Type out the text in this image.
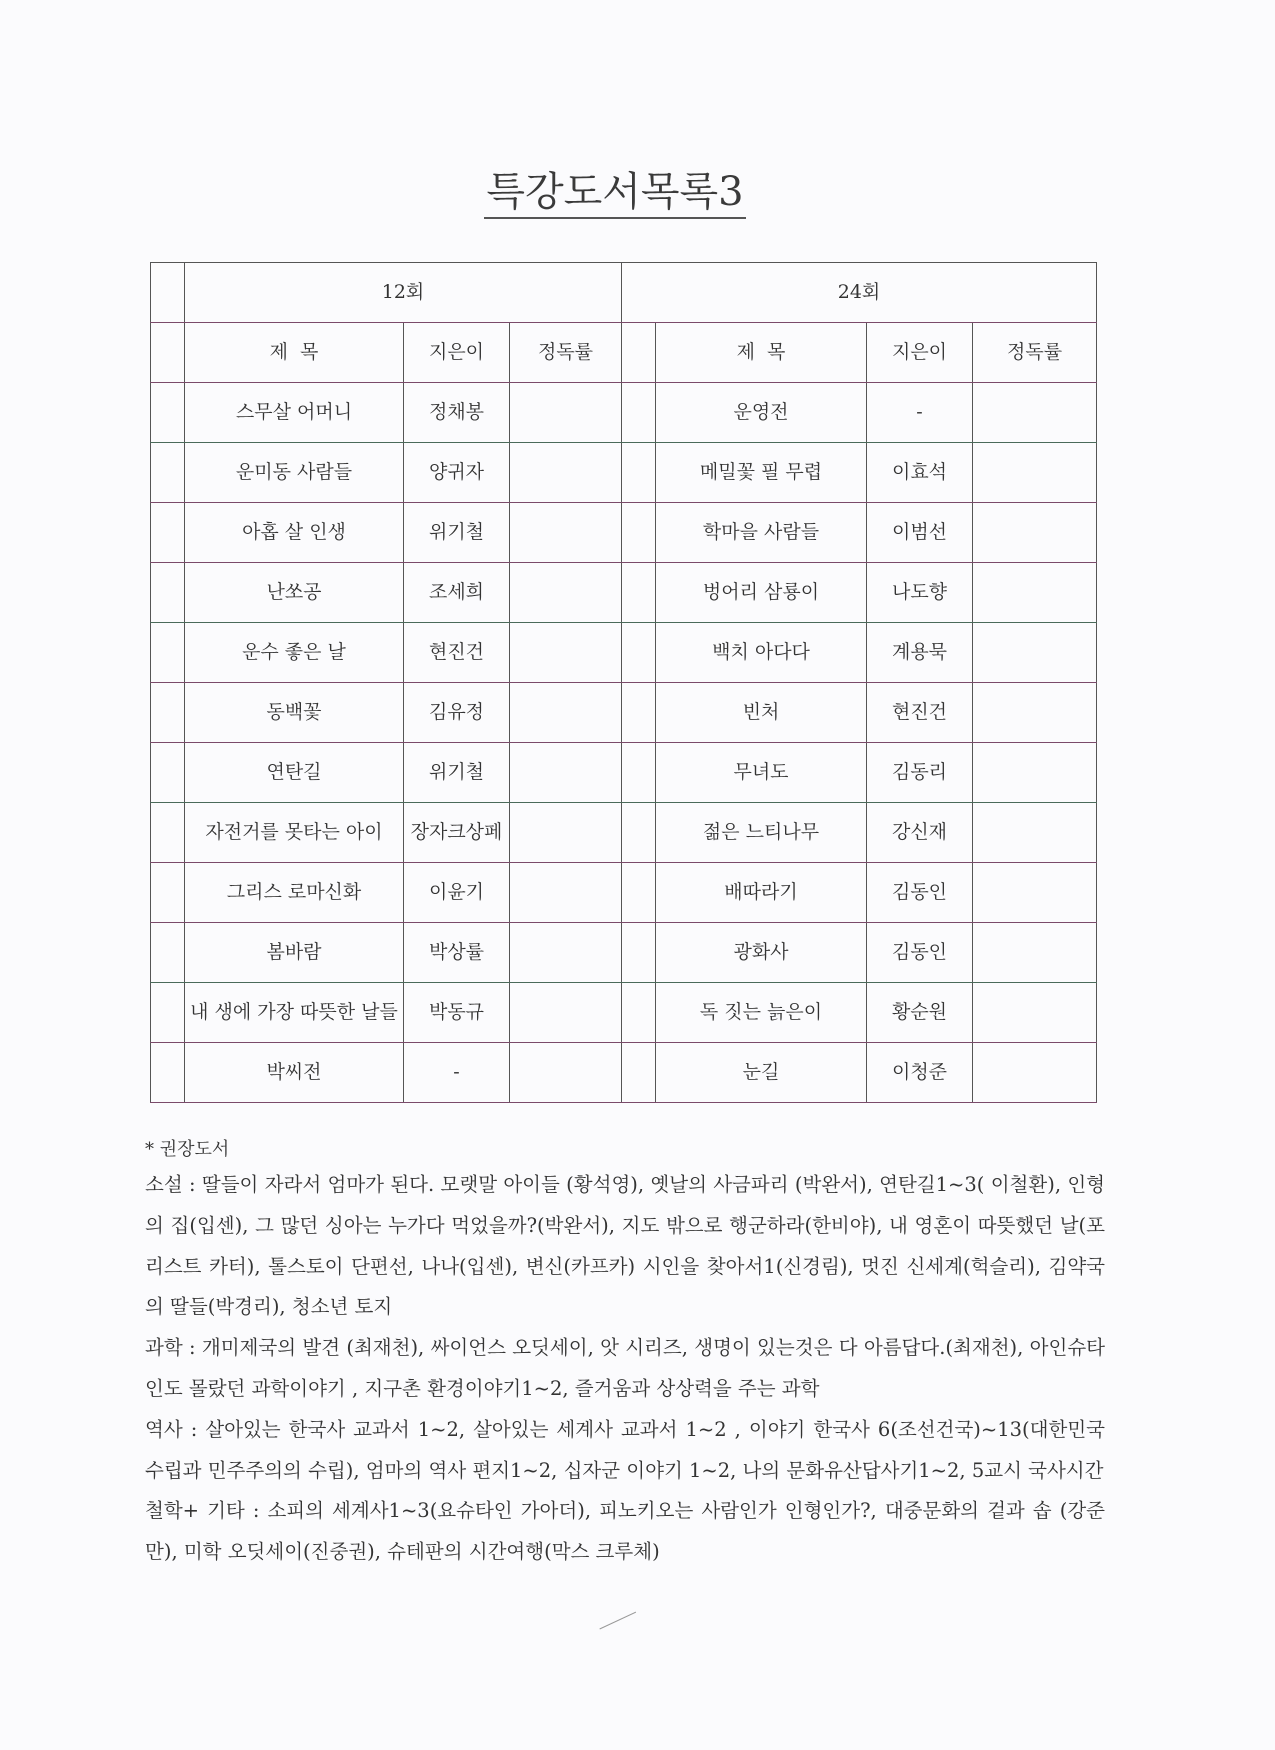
특강도서목록3
	12회			24회			
	제  목	지은이	정독률		제  목	지은이	정독률
	스무살 어머니	정채봉			운영전	-	
	운미동 사람들	양귀자			메밀꽃 필 무렵	이효석	
	아홉 살 인생	위기철			학마을 사람들	이범선	
	난쏘공	조세희			벙어리 삼룡이	나도향	
	운수 좋은 날	현진건			백치 아다다	계용묵	
	동백꽃	김유정			빈처	현진건	
	연탄길	위기철			무녀도	김동리	
	자전거를 못타는 아이	장자크상페			젊은 느티나무	강신재	
	그리스 로마신화	이윤기			배따라기	김동인	
	봄바람	박상률			광화사	김동인	
	내 생에 가장 따뜻한 날들	박동규			독 짓는 늙은이	황순원	
	박씨전	-			눈길	이청준	

* 권장도서

소설 : 딸들이 자라서 엄마가 된다. 모랫말 아이들 (황석영), 옛날의 사금파리 (박완서), 연탄길1~3( 이철환), 인형의 집(입센), 그 많던 싱아는 누가다 먹었을까?(박완서), 지도 밖으로 행군하라(한비야), 내 영혼이 따뜻했던 날(포리스트 카터), 톨스토이 단편선, 나나(입센), 변신(카프카) 시인을 찾아서1(신경림), 멋진 신세계(헉슬리), 김약국의 딸들(박경리), 청소년 토지

과학 : 개미제국의 발견 (최재천), 싸이언스 오딧세이, 앗 시리즈, 생명이 있는것은 다 아름답다.(최재천), 아인슈타인도 몰랐던 과학이야기 , 지구촌 환경이야기1~2, 즐거움과 상상력을 주는 과학

역사 : 살아있는 한국사 교과서 1~2, 살아있는 세계사 교과서 1~2 , 이야기 한국사 6(조선건국)~13(대한민국 수립과 민주주의의 수립), 엄마의 역사 편지1~2, 십자군 이야기 1~2, 나의 문화유산답사기1~2, 5교시 국사시간

철학+ 기타 : 소피의 세계사1~3(요슈타인 가아더), 피노키오는 사람인가 인형인가?, 대중문화의 겉과 솝 (강준만), 미학 오딧세이(진중권), 슈테판의 시간여행(막스 크루체)
